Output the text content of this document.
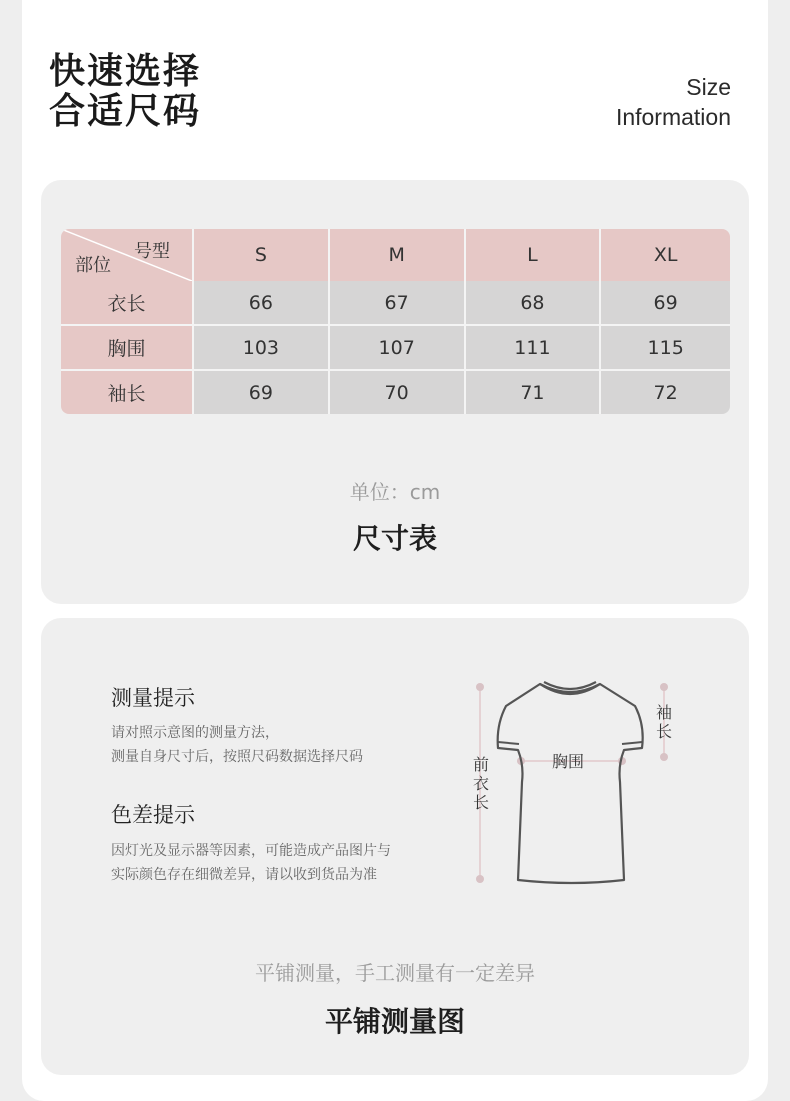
快速选择
合适尺码
Size
Information
号型
部位	S	M	L	XL
衣长	66	67	68	69
胸围	103	107	111	115
袖长	69	70	71	72
单位：cm
尺寸表
测量提示
请对照示意图的测量方法，
测量自身尺寸后，按照尺码数据选择尺码
色差提示
因灯光及显示器等因素，可能造成产品图片与
实际颜色存在细微差异，请以收到货品为准
袖
长
前
衣
长
胸围
平铺测量，手工测量有一定差异
平铺测量图
